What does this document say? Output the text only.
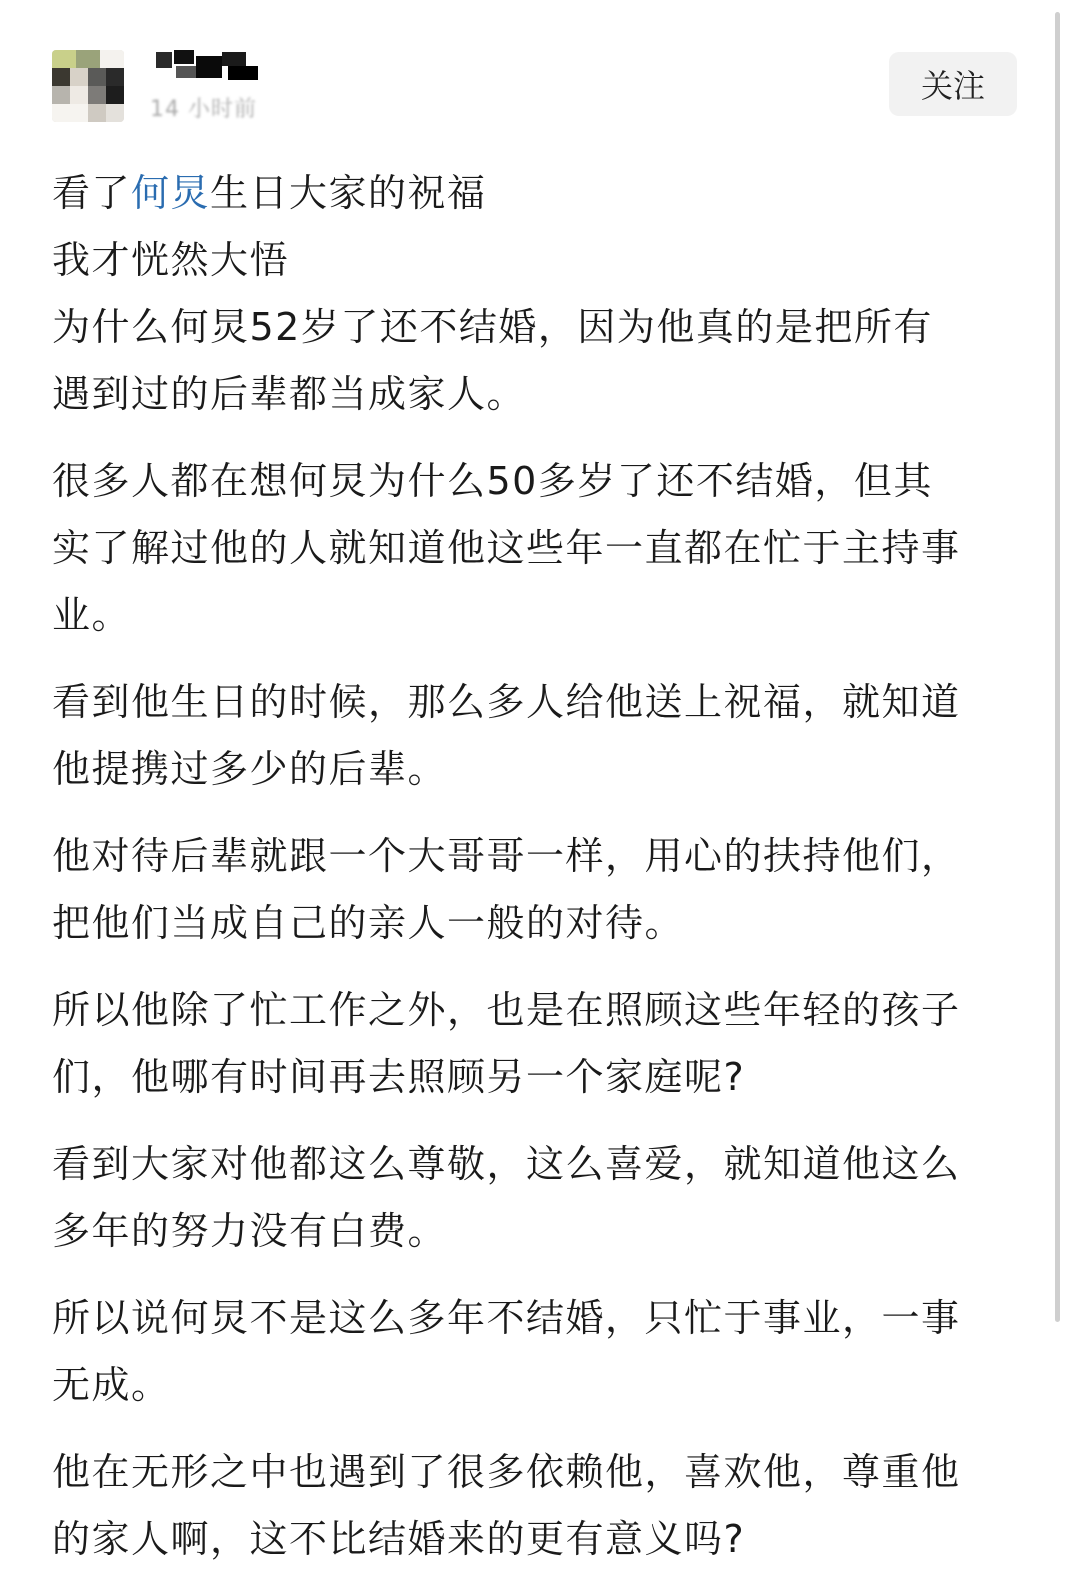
14 小时前
关注

看了何炅生日大家的祝福
我才恍然大悟
为什么何炅52岁了还不结婚，因为他真的是把所有
遇到过的后辈都当成家人。

很多人都在想何炅为什么50多岁了还不结婚，但其
实了解过他的人就知道他这些年一直都在忙于主持事
业。

看到他生日的时候，那么多人给他送上祝福，就知道
他提携过多少的后辈。

他对待后辈就跟一个大哥哥一样，用心的扶持他们，
把他们当成自己的亲人一般的对待。

所以他除了忙工作之外，也是在照顾这些年轻的孩子
们，他哪有时间再去照顾另一个家庭呢?

看到大家对他都这么尊敬，这么喜爱，就知道他这么
多年的努力没有白费。

所以说何炅不是这么多年不结婚，只忙于事业，一事
无成。

他在无形之中也遇到了很多依赖他，喜欢他，尊重他
的家人啊，这不比结婚来的更有意义吗?
